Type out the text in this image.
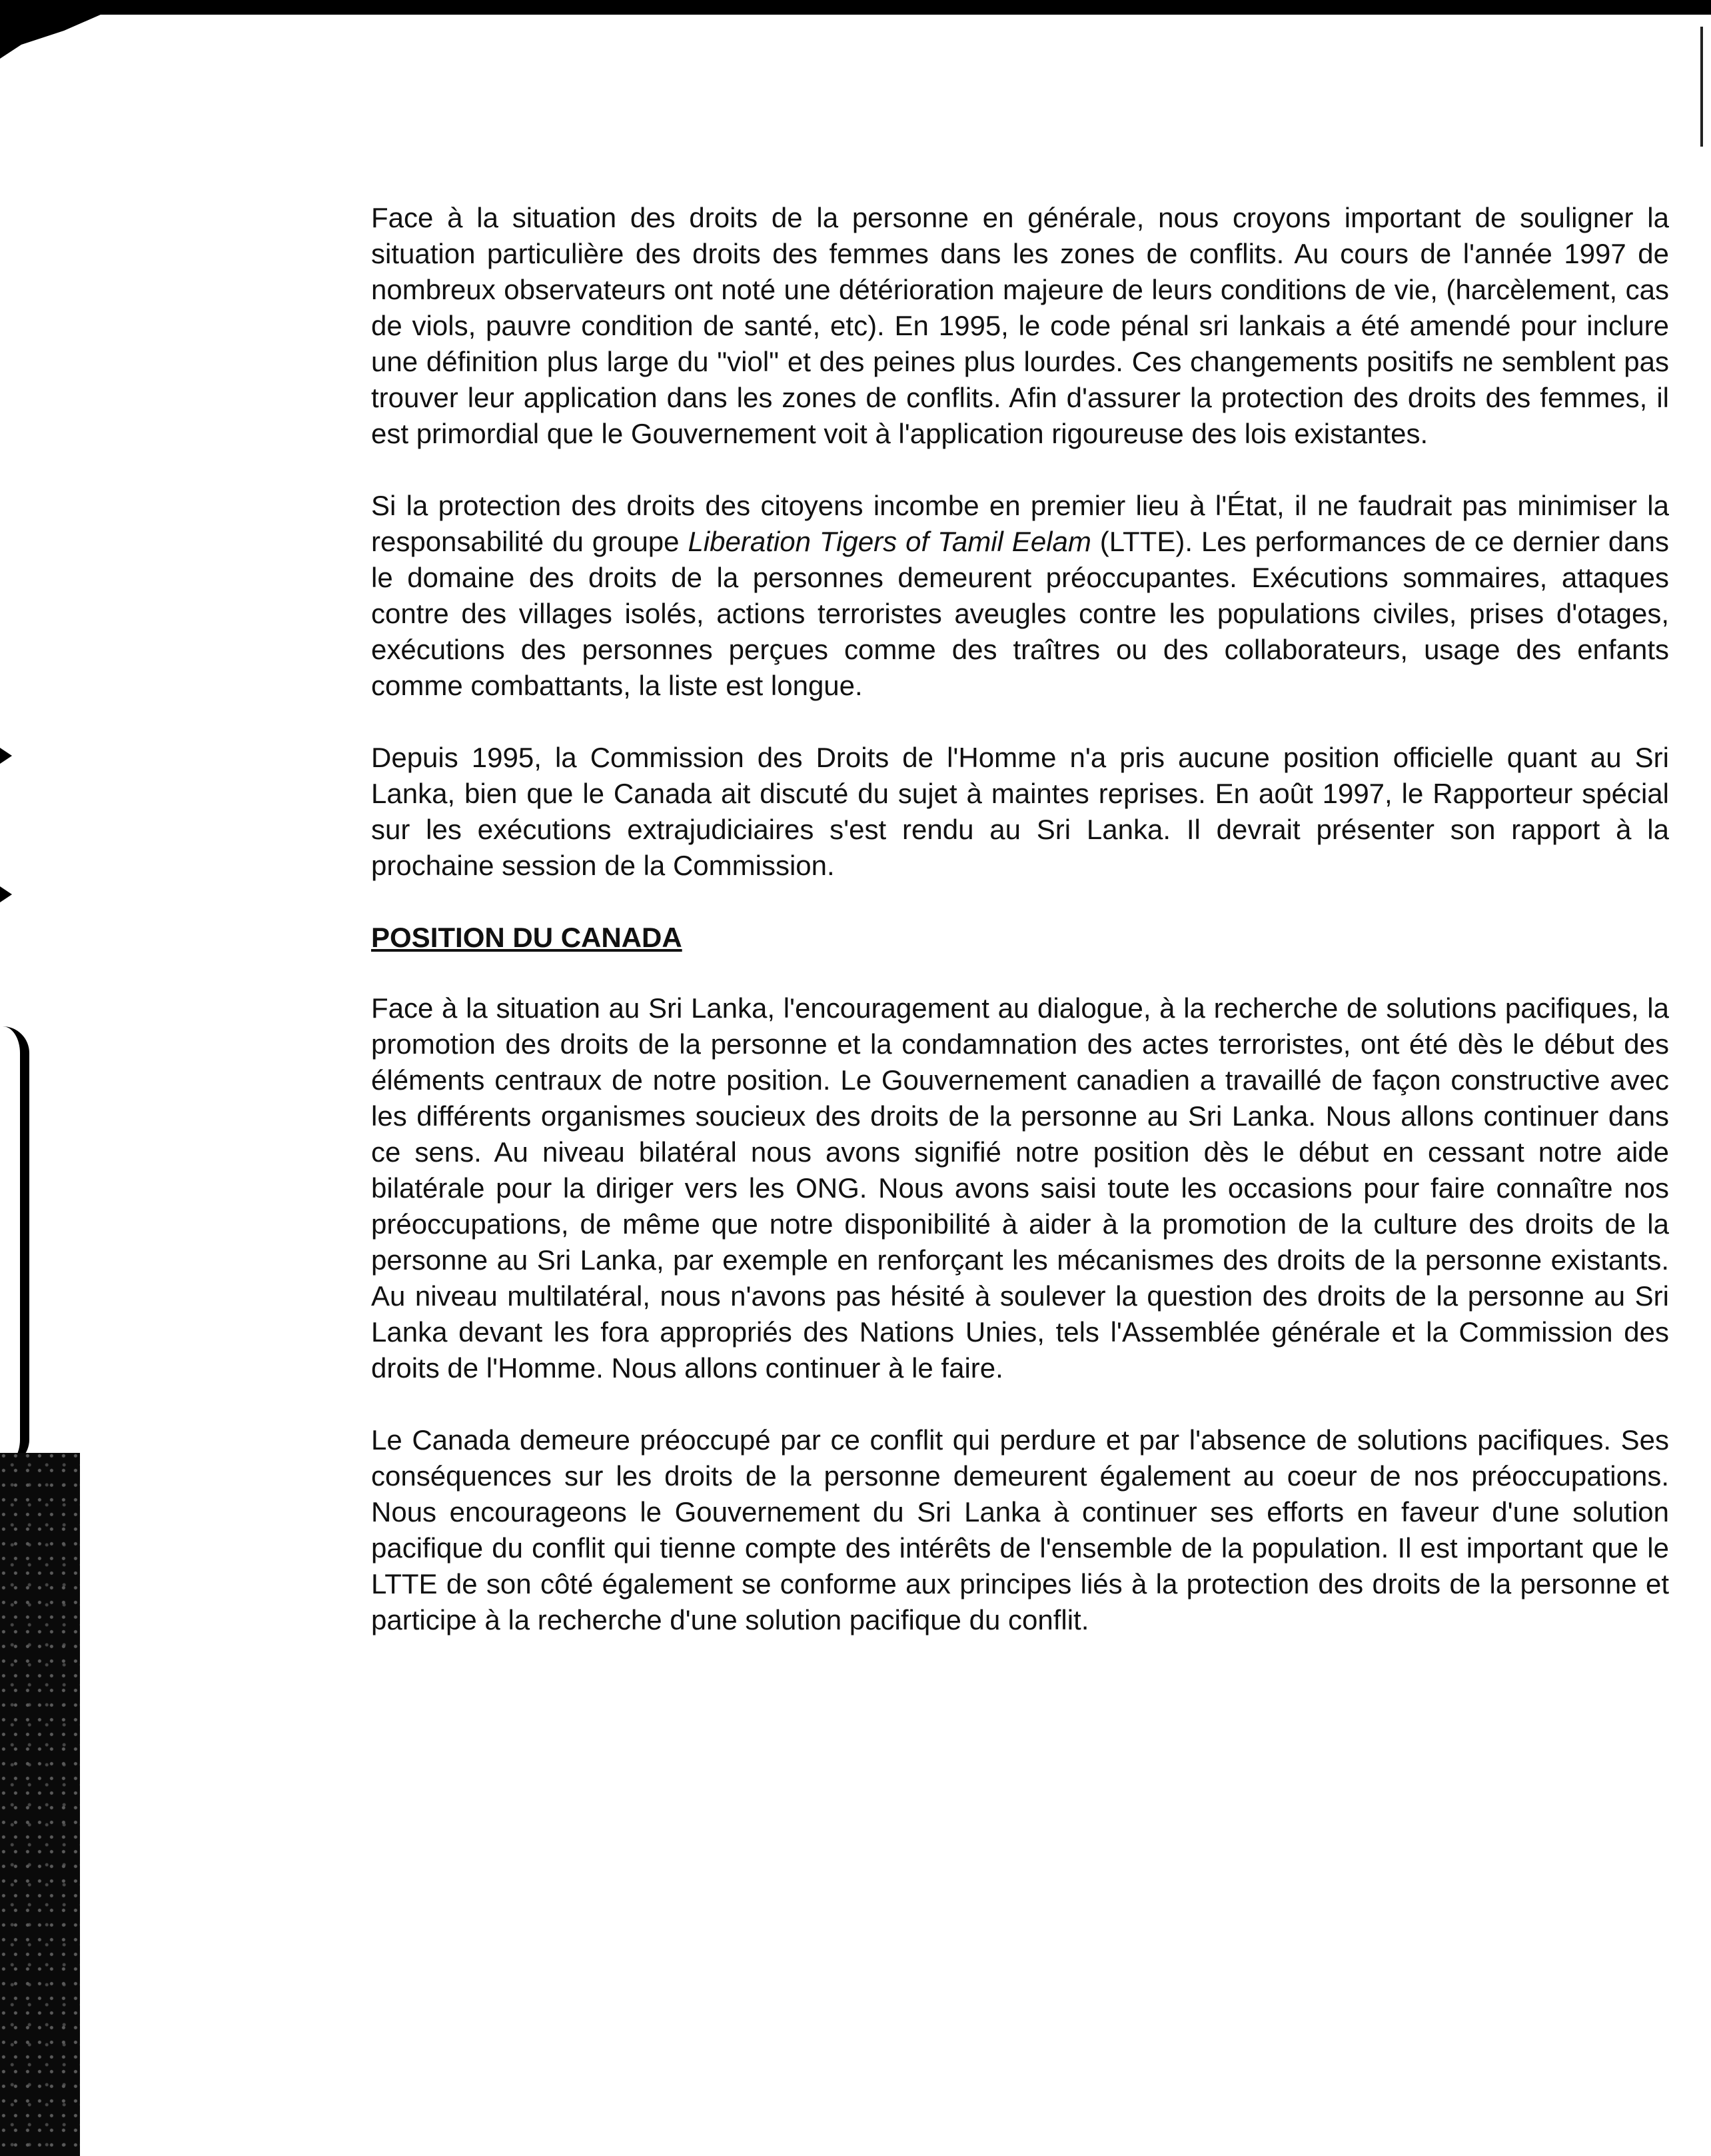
Face à la situation des droits de la personne en générale, nous croyons important de souligner la situation particulière des droits des femmes dans les zones de conflits. Au cours de l'année 1997 de nombreux observateurs ont noté une détérioration majeure de leurs conditions de vie, (harcèlement, cas de viols, pauvre condition de santé, etc). En 1995, le code pénal sri lankais a été amendé pour inclure une définition plus large du "viol" et des peines plus lourdes. Ces changements positifs ne semblent pas trouver leur application dans les zones de conflits. Afin d'assurer la protection des droits des femmes, il est primordial que le Gouvernement voit à l'application rigoureuse des lois existantes.

Si la protection des droits des citoyens incombe en premier lieu à l'État, il ne faudrait pas minimiser la responsabilité du groupe Liberation Tigers of Tamil Eelam (LTTE). Les performances de ce dernier dans le domaine des droits de la personnes demeurent préoccupantes. Exécutions sommaires, attaques contre des villages isolés, actions terroristes aveugles contre les populations civiles, prises d'otages, exécutions des personnes perçues comme des traîtres ou des collaborateurs, usage des enfants comme combattants, la liste est longue.

Depuis 1995, la Commission des Droits de l'Homme n'a pris aucune position officielle quant au Sri Lanka, bien que le Canada ait discuté du sujet à maintes reprises. En août 1997, le Rapporteur spécial sur les exécutions extrajudiciaires s'est rendu au Sri Lanka. Il devrait présenter son rapport à la prochaine session de la Commission.

POSITION DU CANADA

Face à la situation au Sri Lanka, l'encouragement au dialogue, à la recherche de solutions pacifiques, la promotion des droits de la personne et la condamnation des actes terroristes, ont été dès le début des éléments centraux de notre position. Le Gouvernement canadien a travaillé de façon constructive avec les différents organismes soucieux des droits de la personne au Sri Lanka. Nous allons continuer dans ce sens. Au niveau bilatéral nous avons signifié notre position dès le début en cessant notre aide bilatérale pour la diriger vers les ONG. Nous avons saisi toute les occasions pour faire connaître nos préoccupations, de même que notre disponibilité à aider à la promotion de la culture des droits de la personne au Sri Lanka, par exemple en renforçant les mécanismes des droits de la personne existants. Au niveau multilatéral, nous n'avons pas hésité à soulever la question des droits de la personne au Sri Lanka devant les fora appropriés des Nations Unies, tels l'Assemblée générale et la Commission des droits de l'Homme. Nous allons continuer à le faire.

Le Canada demeure préoccupé par ce conflit qui perdure et par l'absence de solutions pacifiques. Ses conséquences sur les droits de la personne demeurent également au coeur de nos préoccupations. Nous encourageons le Gouvernement du Sri Lanka à continuer ses efforts en faveur d'une solution pacifique du conflit qui tienne compte des intérêts de l'ensemble de la population. Il est important que le LTTE de son côté également se conforme aux principes liés à la protection des droits de la personne et participe à la recherche d'une solution pacifique du conflit.
